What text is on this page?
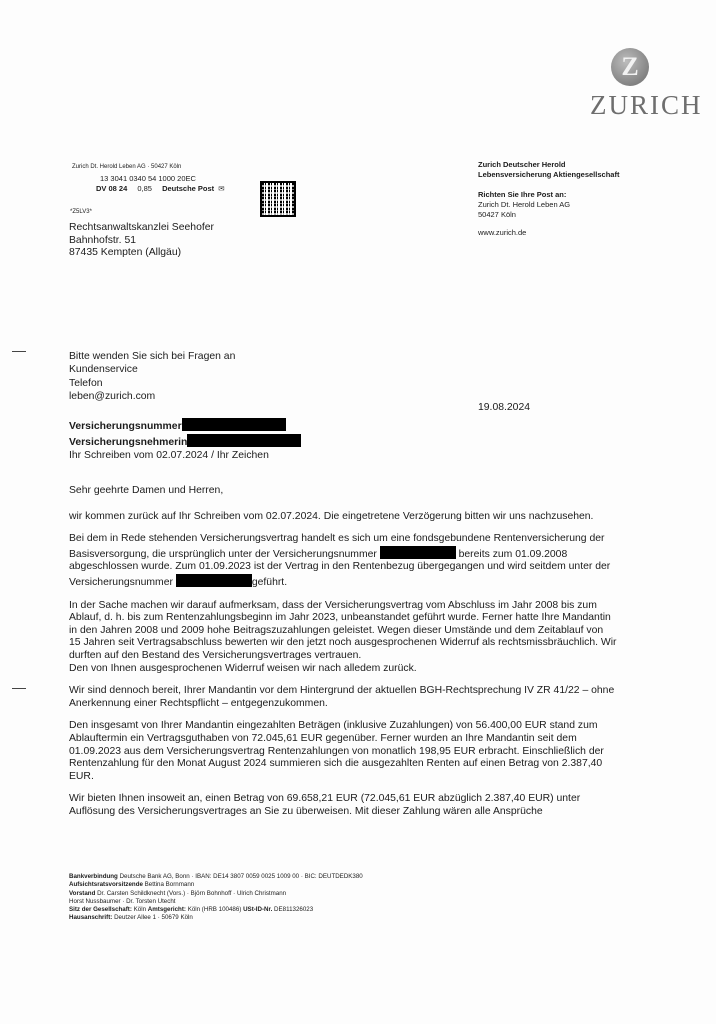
Z
ZURICH
Zurich Dt. Herold Leben AG · 50427 Köln
13 3041 0340 54 1000 20EC
DV 08 24 0,85 Deutsche Post ✉
*Z5LV3*
Rechtsanwaltskanzlei Seehofer
Bahnhofstr. 51
87435 Kempten (Allgäu)
Zurich Deutscher Herold
Lebensversicherung Aktiengesellschaft
Richten Sie Ihre Post an:
Zurich Dt. Herold Leben AG
50427 Köln
www.zurich.de
Bitte wenden Sie sich bei Fragen an
Kundenservice
Telefon
leben@zurich.com
19.08.2024
Versicherungsnummer
Versicherungsnehmerin
Ihr Schreiben vom 02.07.2024 / Ihr Zeichen

Sehr geehrte Damen und Herren,

wir kommen zurück auf Ihr Schreiben vom 02.07.2024. Die eingetretene Verzögerung bitten wir uns nachzusehen.

Bei dem in Rede stehenden Versicherungsvertrag handelt es sich um eine fondsgebundene Rentenversicherung der Basisversorgung, die ursprünglich unter der Versicherungsnummer	bereits zum 01.09.2008 abgeschlossen wurde. Zum 01.09.2023 ist der Vertrag in den Rentenbezug übergegangen und wird seitdem unter der Versicherungsnummer	geführt.

In der Sache machen wir darauf aufmerksam, dass der Versicherungsvertrag vom Abschluss im Jahr 2008 bis zum Ablauf, d. h. bis zum Rentenzahlungsbeginn im Jahr 2023, unbeanstandet geführt wurde. Ferner hatte Ihre Mandantin in den Jahren 2008 und 2009 hohe Beitragszuzahlungen geleistet. Wegen dieser Umstände und dem Zeitablauf von 15 Jahren seit Vertragsabschluss bewerten wir den jetzt noch ausgesprochenen Widerruf als rechtsmissbräuchlich. Wir durften auf den Bestand des Versicherungsvertrages vertrauen.
Den von Ihnen ausgesprochenen Widerruf weisen wir nach alledem zurück.

Wir sind dennoch bereit, Ihrer Mandantin vor dem Hintergrund der aktuellen BGH-Rechtsprechung IV ZR 41/22 – ohne Anerkennung einer Rechtspflicht – entgegenzukommen.

Den insgesamt von Ihrer Mandantin eingezahlten Beträgen (inklusive Zuzahlungen) von 56.400,00 EUR stand zum Ablauftermin ein Vertragsguthaben von 72.045,61 EUR gegenüber. Ferner wurden an Ihre Mandantin seit dem 01.09.2023 aus dem Versicherungsvertrag Rentenzahlungen von monatlich 198,95 EUR erbracht. Einschließlich der Rentenzahlung für den Monat August 2024 summieren sich die ausgezahlten Renten auf einen Betrag von 2.387,40 EUR.

Wir bieten Ihnen insoweit an, einen Betrag von 69.658,21 EUR (72.045,61 EUR abzüglich 2.387,40 EUR) unter Auflösung des Versicherungsvertrages an Sie zu überweisen. Mit dieser Zahlung wären alle Ansprüche

Bankverbindung Deutsche Bank AG, Bonn · IBAN: DE14 3807 0059 0025 1009 00 · BIC: DEUTDEDK380
Aufsichtsratsvorsitzende Bettina Bornmann
Vorstand Dr. Carsten Schildknecht (Vors.) · Björn Bohnhoff · Ulrich Christmann
Horst Nussbaumer · Dr. Torsten Utecht
Sitz der Gesellschaft: Köln Amtsgericht: Köln (HRB 100486) USt-ID-Nr. DE811326023
Hausanschrift: Deutzer Allee 1 · 50679 Köln
